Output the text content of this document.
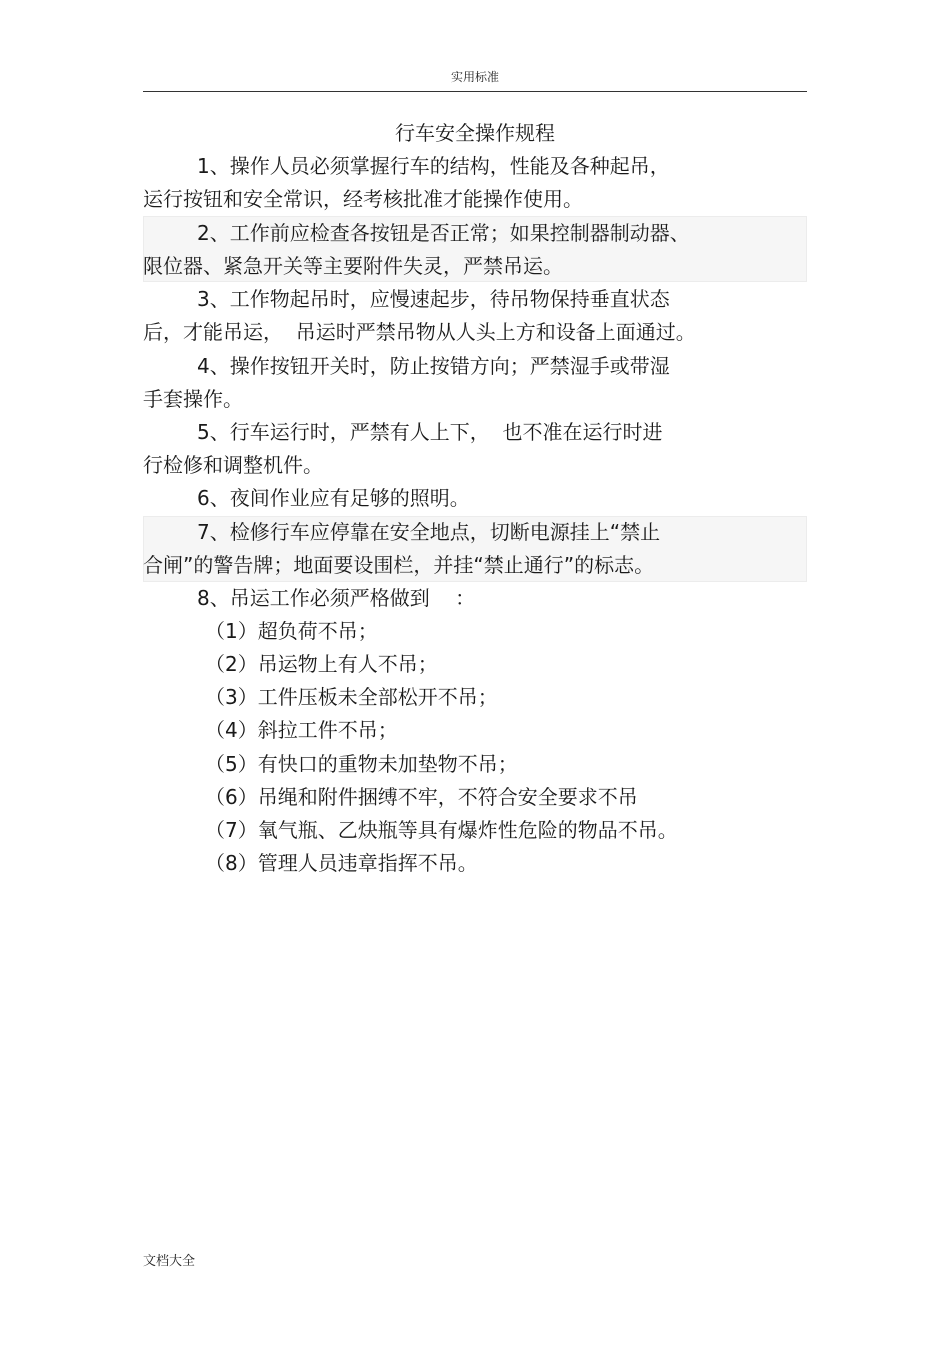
实用标准
行车安全操作规程
1、操作人员必须掌握行车的结构，性能及各种起吊，
运行按钮和安全常识，经考核批准才能操作使用。
2、工作前应检查各按钮是否正常；如果控制器制动器、
限位器、紧急开关等主要附件失灵，严禁吊运。
3、工作物起吊时，应慢速起步，待吊物保持垂直状态
后，才能吊运，  吊运时严禁吊物从人头上方和设备上面通过。
4、操作按钮开关时，防止按错方向；严禁湿手或带湿
手套操作。
5、行车运行时，严禁有人上下，  也不准在运行时进
行检修和调整机件。
6、夜间作业应有足够的照明。
7、检修行车应停靠在安全地点，切断电源挂上“禁止
合闸”的警告牌；地面要设围栏，并挂“禁止通行”的标志。
8、吊运工作必须严格做到    ：
（1）超负荷不吊；
（2）吊运物上有人不吊；
（3）工件压板未全部松开不吊；
（4）斜拉工件不吊；
（5）有快口的重物未加垫物不吊；
（6）吊绳和附件捆缚不牢，不符合安全要求不吊
（7）氧气瓶、乙炔瓶等具有爆炸性危险的物品不吊。
（8）管理人员违章指挥不吊。
文档大全
